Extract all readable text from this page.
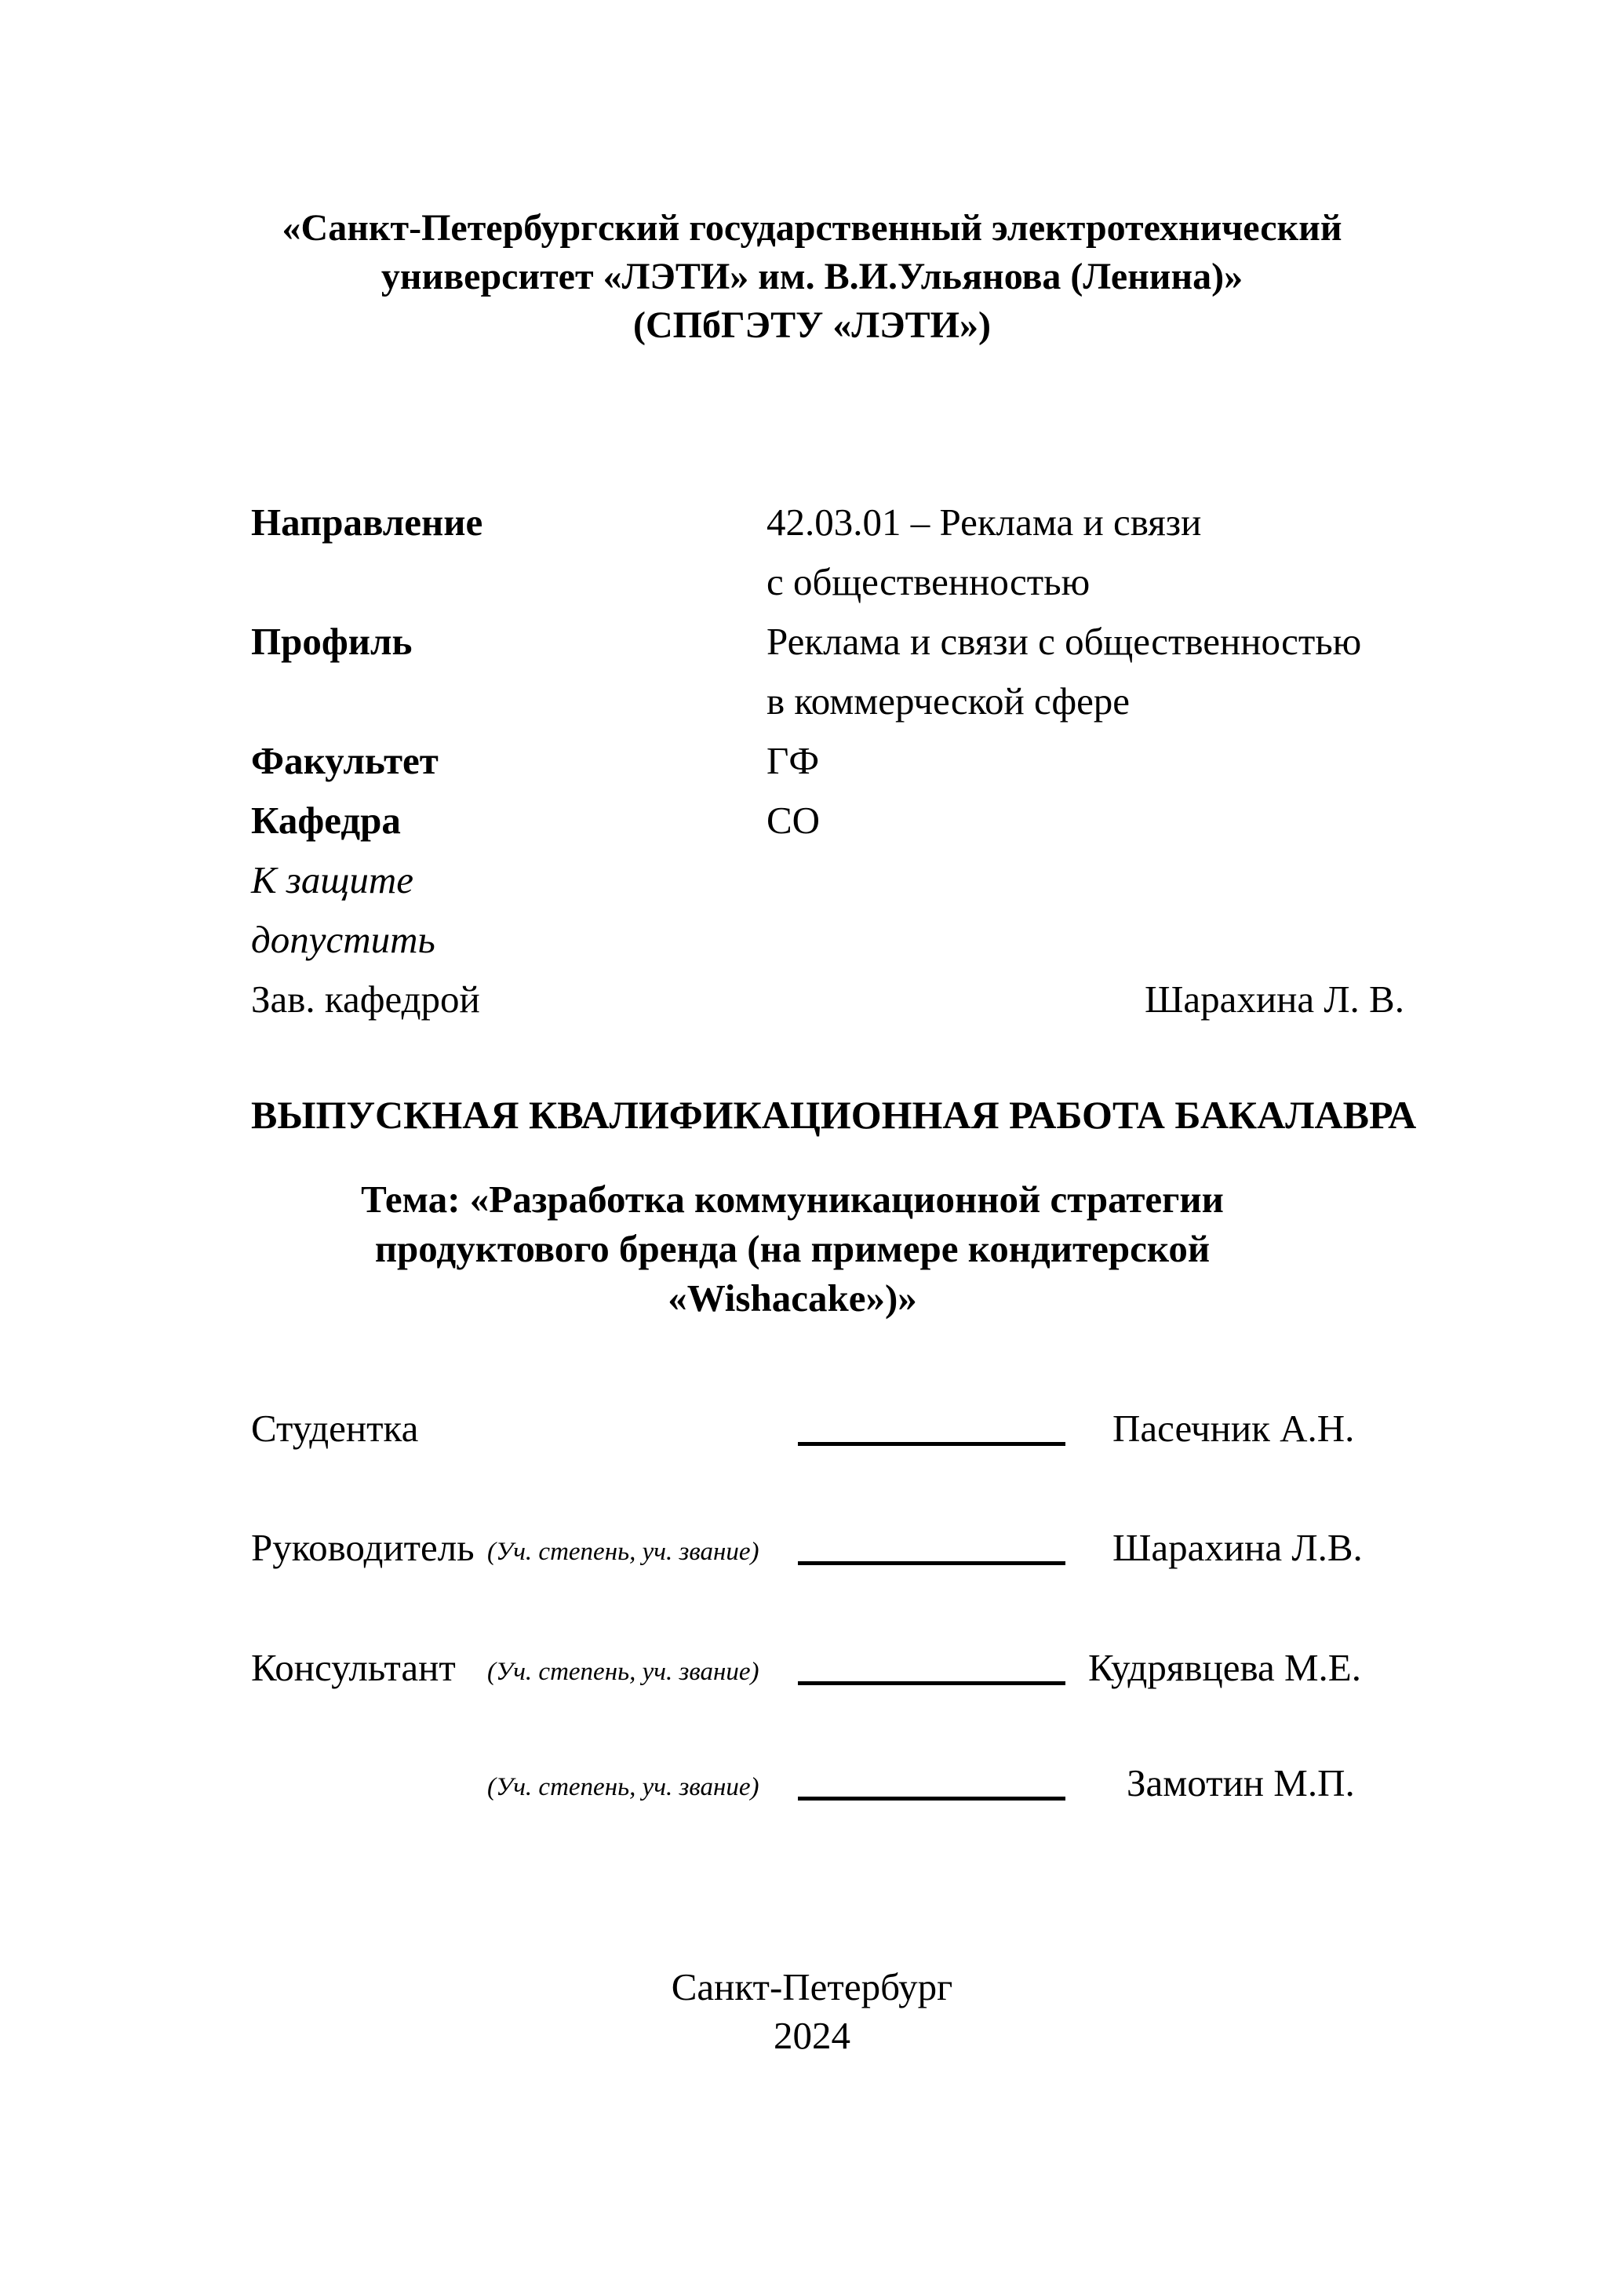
«Санкт-Петербургский государственный электротехнический
университет «ЛЭТИ» им. В.И.Ульянова (Ленина)»
(СПбГЭТУ «ЛЭТИ»)
Направление	42.03.01 – Реклама и связи
с общественностью
Профиль	Реклама и связи с общественностью
в коммерческой сфере
Факультет	ГФ
Кафедра	СО
К защите
допустить
Зав. кафедрой	Шарахина Л. В.
ВЫПУСКНАЯ КВАЛИФИКАЦИОННАЯ РАБОТА БАКАЛАВРА
Тема: «Разработка коммуникационной стратегии
продуктового бренда (на примере кондитерской
«Wishacake»)»
Студентка	Пасечник А.Н.
Руководитель (Уч. степень, уч. звание)	Шарахина Л.В.
Консультант (Уч. степень, уч. звание)	Кудрявцева М.Е.
(Уч. степень, уч. звание)	Замотин М.П.
Санкт-Петербург
2024
